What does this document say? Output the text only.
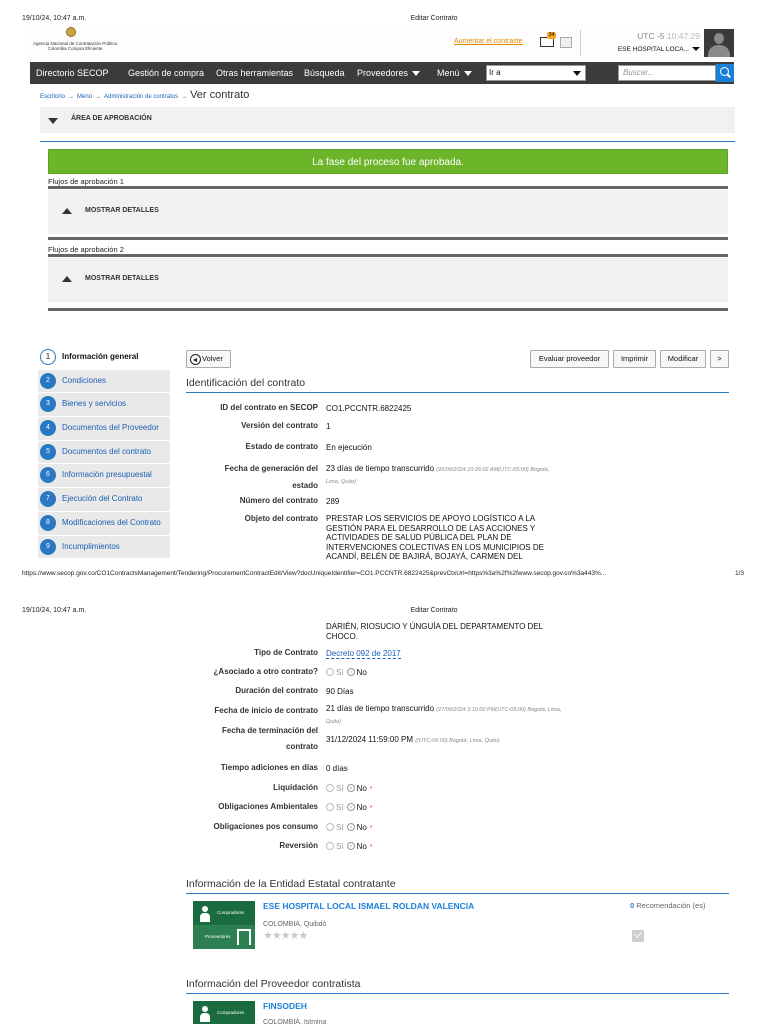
19/10/24, 10:47 a.m.	Editar Contrato
Agencia Nacional de Contratación Pública Colombia Compra Eficiente
Aumentar el contraste
34	UTC -5 10:47:29
ESE HOSPITAL LOCA...
Directorio SECOP	Gestión de compra	Otras herramientas	Búsqueda	Proveedores	Menú	Ir a	Buscar...
Escritorio → Menú → Administración de contratos → Ver contrato
ÁREA DE APROBACIÓN
La fase del proceso fue aprobada.
Flujos de aprobación 1
MOSTRAR DETALLES
Flujos de aprobación 2
MOSTRAR DETALLES
1	Información general
2	Condiciones
3	Bienes y servicios
4	Documentos del Proveedor
5	Documentos del contrato
6	Información presupuestal
7	Ejecución del Contrato
8	Modificaciones del Contrato
9	Incumplimientos
Volver	Evaluar proveedor	Imprimir	Modificar	>
Identificación del contrato
ID del contrato en SECOP CO1.PCCNTR.6822425
Versión del contrato 1
Estado de contrato En ejecución
Fecha de generación del
estado
23 días de tiempo transcurrido (26/09/2024 10:26:02 AM(UTC-05:00) Bogotá, Lima, Quito)
Número del contrato 289
Objeto del contrato PRESTAR LOS SERVICIOS DE APOYO LOGÍSTICO A LA GESTIÓN PARA EL DESARROLLO DE LAS ACCIONES Y ACTIVIDADES DE SALUD PÚBLICA DEL PLAN DE INTERVENCIONES COLECTIVAS EN LOS MUNICIPIOS DE ACANDÍ, BELÉN DE BAJIRÁ, BOJAYÁ, CARMEN DEL
https://www.secop.gov.co/CO1ContractsManagement/Tendering/ProcurementContractEdit/View?docUniqueIdentifier=CO1.PCCNTR.6822425&prevCtxUrl=https%3a%2f%2fwww.secop.gov.co%3a443%...	1/3
19/10/24, 10:47 a.m.	Editar Contrato
DARIÉN, RIOSUCIO Y ÚNGUÍA DEL DEPARTAMENTO DEL CHOCO.
Tipo de Contrato Decreto 092 de 2017
¿Asociado a otro contrato?	Sí No
Duración del contrato 90 Días
Fecha de inicio de contrato 21 días de tiempo transcurrido (27/09/2024 3:10:00 PM(UTC-05:00) Bogotá, Lima, Quito)
Fecha de terminación del
contrato
31/12/2024 11:59:00 PM ((UTC-05:00) Bogotá, Lima, Quito)
Tiempo adiciones en días 0 días
Liquidación	Sí No *
Obligaciones Ambientales	Sí No *
Obligaciones pos consumo	Sí No *
Reversión	Sí No *
Información de la Entidad Estatal contratante
Compradores
Proveedores
ESE HOSPITAL LOCAL ISMAEL ROLDAN VALENCIA
COLOMBIA, Quibdó
★★★★★
0 Recomendación (es)
Información del Proveedor contratista
Compradores
FINSODEH
COLOMBIA, Istmina
